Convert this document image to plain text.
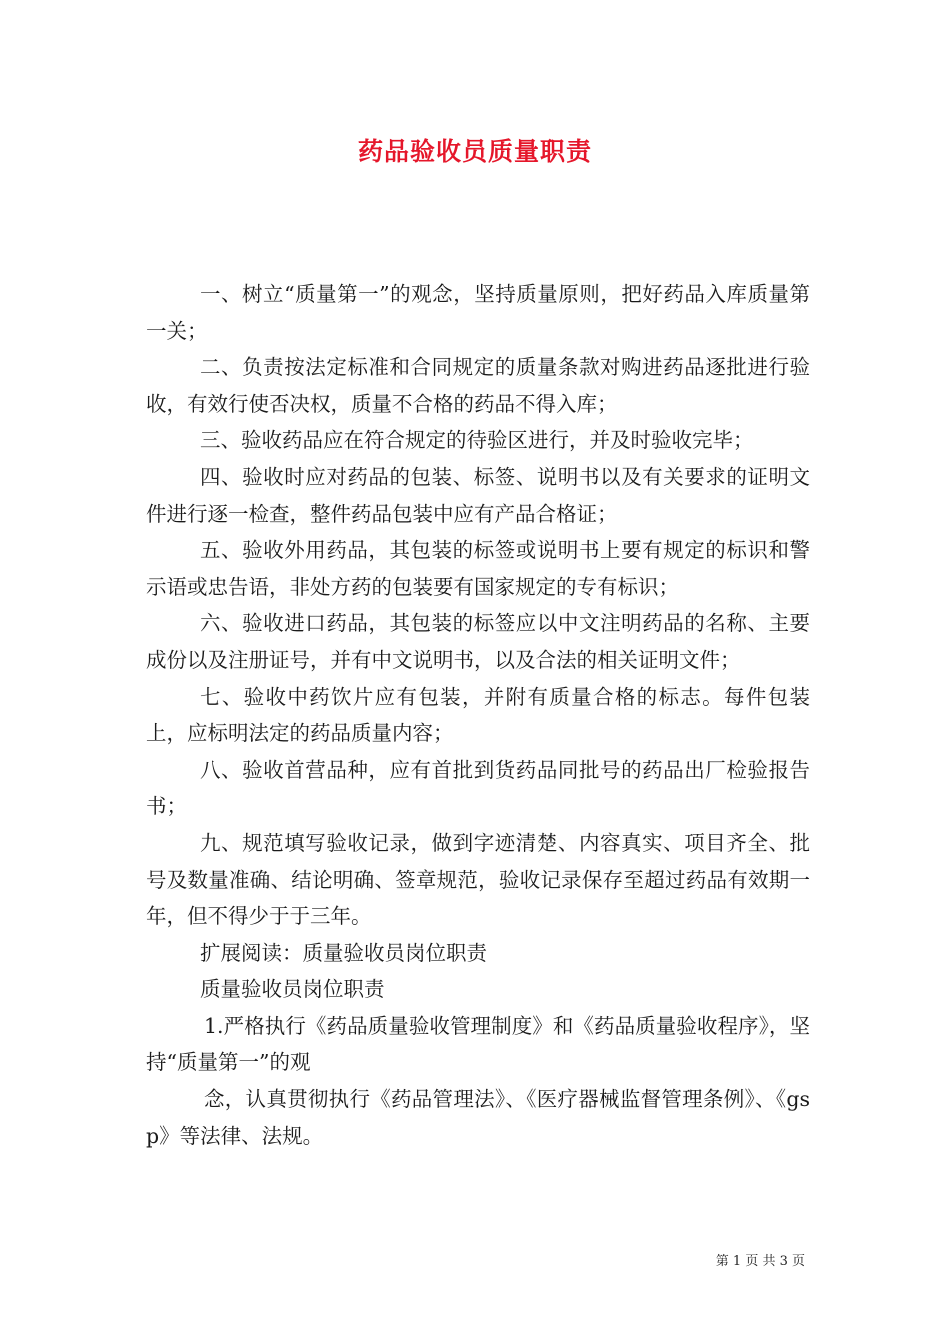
药品验收员质量职责

一、树立“质量第一”的观念，坚持质量原则，把好药品入库质量第一关；

二、负责按法定标准和合同规定的质量条款对购进药品逐批进行验收，有效行使否决权，质量不合格的药品不得入库；

三、验收药品应在符合规定的待验区进行，并及时验收完毕；

四、验收时应对药品的包装、标签、说明书以及有关要求的证明文件进行逐一检查，整件药品包装中应有产品合格证；

五、验收外用药品，其包装的标签或说明书上要有规定的标识和警示语或忠告语，非处方药的包装要有国家规定的专有标识；

六、验收进口药品，其包装的标签应以中文注明药品的名称、主要成份以及注册证号，并有中文说明书，以及合法的相关证明文件；

七、验收中药饮片应有包装，并附有质量合格的标志。每件包装上，应标明法定的药品质量内容；

八、验收首营品种，应有首批到货药品同批号的药品出厂检验报告书；

九、规范填写验收记录，做到字迹清楚、内容真实、项目齐全、批号及数量准确、结论明确、签章规范，验收记录保存至超过药品有效期一年，但不得少于于三年。

扩展阅读：质量验收员岗位职责

质量验收员岗位职责

1.严格执行《药品质量验收管理制度》和《药品质量验收程序》，坚持“质量第一”的观

念，认真贯彻执行《药品管理法》、《医疗器械监督管理条例》、《gsp》等法律、法规。

第 1 页 共 3 页
